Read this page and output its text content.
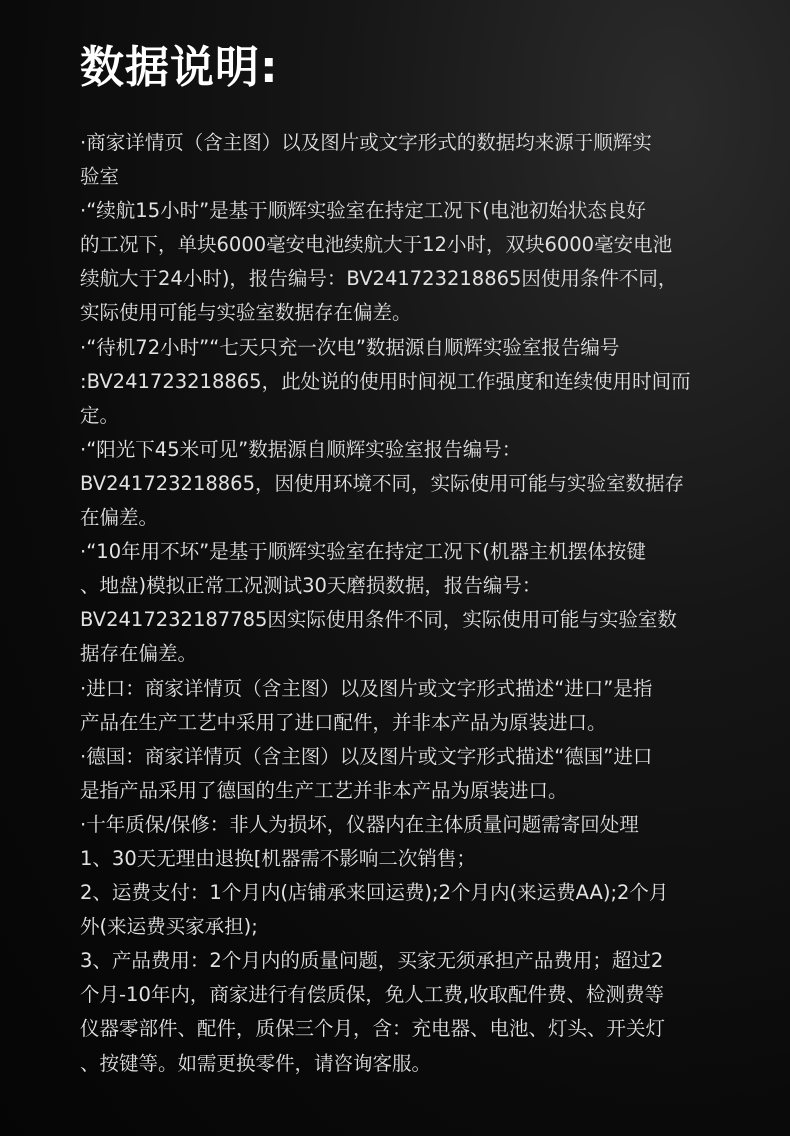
数据说明:
·商家详情页（含主图）以及图片或文字形式的数据均来源于顺辉实
验室
·“续航15小时”是基于顺辉实验室在持定工况下(电池初始状态良好
的工况下，单块6000毫安电池续航大于12小时，双块6000毫安电池
续航大于24小时)，报告编号：BV241723218865因使用条件不同，
实际使用可能与实验室数据存在偏差。
·“待机72小时”“七天只充一次电”数据源自顺辉实验室报告编号
:BV241723218865，此处说的使用时间视工作强度和连续使用时间而
定。
·“阳光下45米可见”数据源自顺辉实验室报告编号：
BV241723218865，因使用环境不同，实际使用可能与实验室数据存
在偏差。
·“10年用不坏”是基于顺辉实验室在持定工况下(机器主机摆体按键
、地盘)模拟正常工况测试30天磨损数据，报告编号：
BV2417232187785因实际使用条件不同，实际使用可能与实验室数
据存在偏差。
·进口：商家详情页（含主图）以及图片或文字形式描述“进口”是指
产品在生产工艺中采用了进口配件，并非本产品为原装进口。
·德国：商家详情页（含主图）以及图片或文字形式描述“德国”进口
是指产品采用了德国的生产工艺并非本产品为原装进口。
·十年质保/保修：非人为损坏，仪器内在主体质量问题需寄回处理
1、30天无理由退换[机器需不影响二次销售；
2、运费支付：1个月内(店铺承来回运费);2个月内(来运费AA);2个月
外(来运费买家承担);
3、产品费用：2个月内的质量问题，买家无须承担产品费用；超过2
个月-10年内，商家进行有偿质保，免人工费,收取配件费、检测费等
仪器零部件、配件，质保三个月，含：充电器、电池、灯头、开关灯
、按键等。如需更换零件，请咨询客服。
